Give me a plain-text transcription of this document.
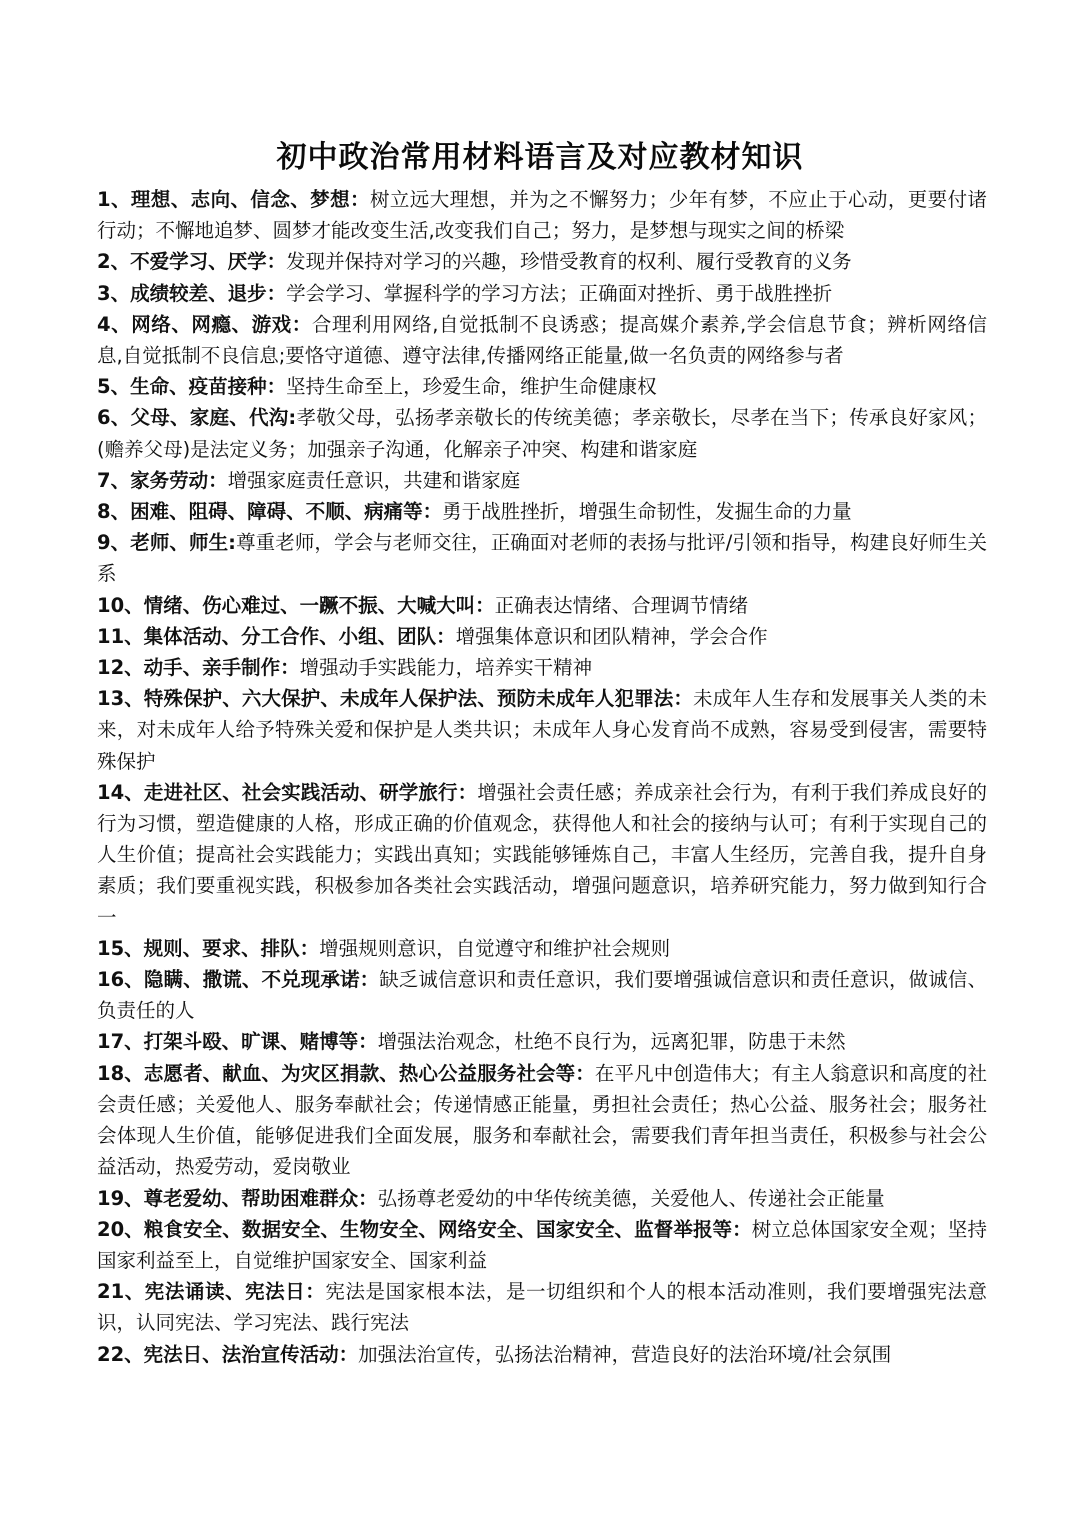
初中政治常用材料语言及对应教材知识

1、理想、志向、信念、梦想：树立远大理想，并为之不懈努力；少年有梦，不应止于心动，更要付诸行动；不懈地追梦、圆梦才能改变生活,改变我们自己；努力，是梦想与现实之间的桥梁

2、不爱学习、厌学：发现并保持对学习的兴趣，珍惜受教育的权利、履行受教育的义务

3、成绩较差、退步：学会学习、掌握科学的学习方法；正确面对挫折、勇于战胜挫折

4、网络、网瘾、游戏：合理利用网络,自觉抵制不良诱惑；提高媒介素养,学会信息节食；辨析网络信息,自觉抵制不良信息;要恪守道德、遵守法律,传播网络正能量,做一名负责的网络参与者

5、生命、疫苗接种：坚持生命至上，珍爱生命，维护生命健康权

6、父母、家庭、代沟:孝敬父母，弘扬孝亲敬长的传统美德；孝亲敬长，尽孝在当下；传承良好家风；(赡养父母)是法定义务；加强亲子沟通，化解亲子冲突、构建和谐家庭

7、家务劳动：增强家庭责任意识，共建和谐家庭

8、困难、阻碍、障碍、不顺、病痛等：勇于战胜挫折，增强生命韧性，发掘生命的力量

9、老师、师生:尊重老师，学会与老师交往，正确面对老师的表扬与批评/引领和指导，构建良好师生关系

10、情绪、伤心难过、一蹶不振、大喊大叫：正确表达情绪、合理调节情绪

11、集体活动、分工合作、小组、团队：增强集体意识和团队精神，学会合作

12、动手、亲手制作：增强动手实践能力，培养实干精神

13、特殊保护、六大保护、未成年人保护法、预防未成年人犯罪法：未成年人生存和发展事关人类的未来，对未成年人给予特殊关爱和保护是人类共识；未成年人身心发育尚不成熟，容易受到侵害，需要特殊保护

14、走进社区、社会实践活动、研学旅行：增强社会责任感；养成亲社会行为，有利于我们养成良好的行为习惯，塑造健康的人格，形成正确的价值观念，获得他人和社会的接纳与认可；有利于实现自己的人生价值；提高社会实践能力；实践出真知；实践能够锤炼自己，丰富人生经历，完善自我，提升自身素质；我们要重视实践，积极参加各类社会实践活动，增强问题意识，培养研究能力，努力做到知行合一

15、规则、要求、排队：增强规则意识，自觉遵守和维护社会规则

16、隐瞒、撒谎、不兑现承诺：缺乏诚信意识和责任意识，我们要增强诚信意识和责任意识，做诚信、负责任的人

17、打架斗殴、旷课、赌博等：增强法治观念，杜绝不良行为，远离犯罪，防患于未然

18、志愿者、献血、为灾区捐款、热心公益服务社会等：在平凡中创造伟大；有主人翁意识和高度的社会责任感；关爱他人、服务奉献社会；传递情感正能量，勇担社会责任；热心公益、服务社会；服务社会体现人生价值，能够促进我们全面发展，服务和奉献社会，需要我们青年担当责任，积极参与社会公益活动，热爱劳动，爱岗敬业

19、尊老爱幼、帮助困难群众：弘扬尊老爱幼的中华传统美德，关爱他人、传递社会正能量

20、粮食安全、数据安全、生物安全、网络安全、国家安全、监督举报等：树立总体国家安全观；坚持国家利益至上，自觉维护国家安全、国家利益

21、宪法诵读、宪法日：宪法是国家根本法，是一切组织和个人的根本活动准则，我们要增强宪法意识，认同宪法、学习宪法、践行宪法

22、宪法日、法治宣传活动：加强法治宣传，弘扬法治精神，营造良好的法治环境/社会氛围
